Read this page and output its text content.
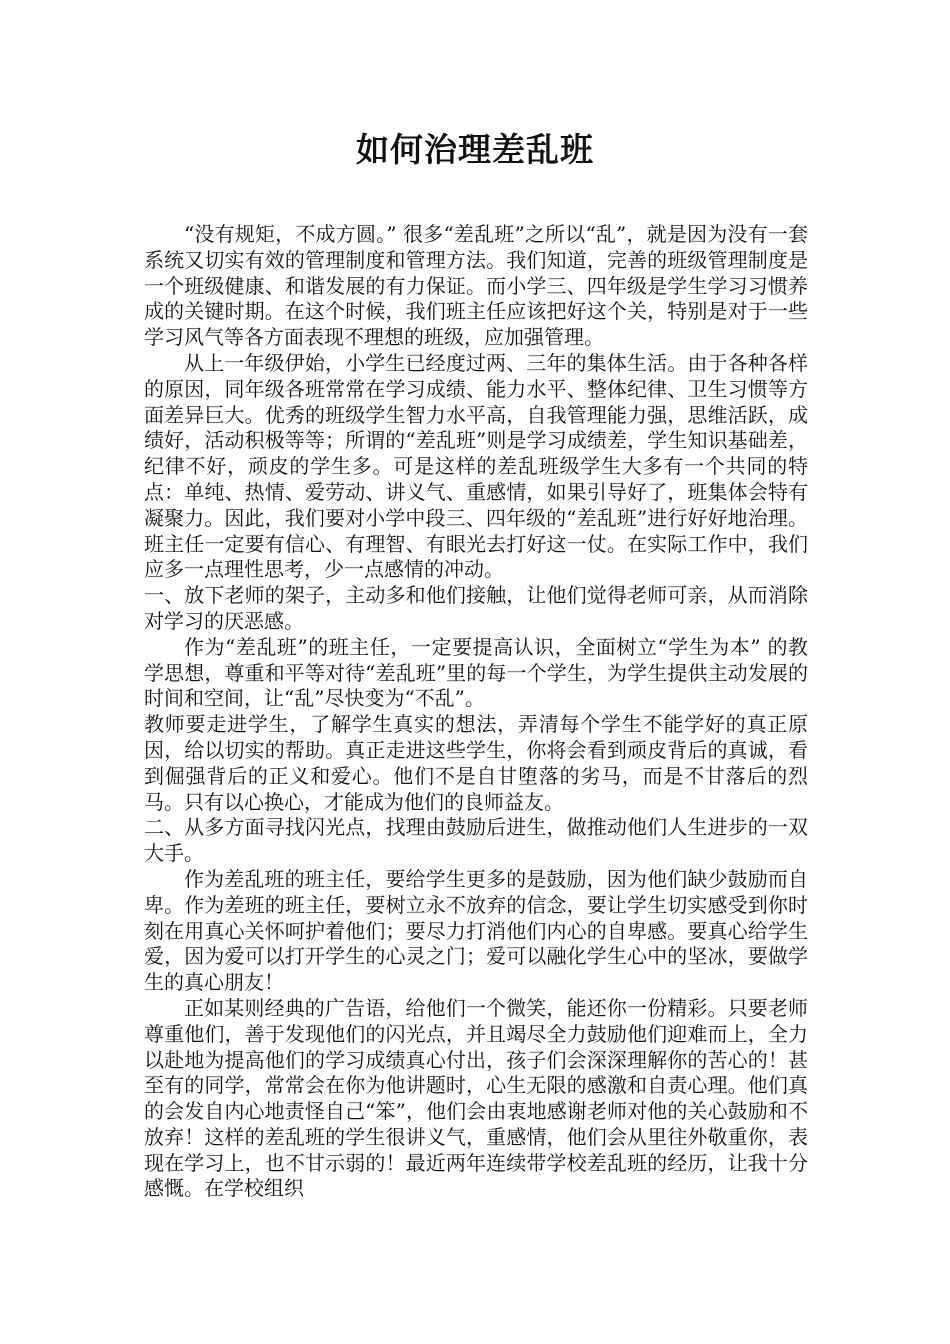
如何治理差乱班

“没有规矩，不成方圆。” 很多“差乱班”之所以“乱”，就是因为没有一套系统又切实有效的管理制度和管理方法。我们知道，完善的班级管理制度是一个班级健康、和谐发展的有力保证。而小学三、四年级是学生学习习惯养成的关键时期。在这个时候，我们班主任应该把好这个关，特别是对于一些学习风气等各方面表现不理想的班级，应加强管理。

从上一年级伊始，小学生已经度过两、三年的集体生活。由于各种各样的原因，同年级各班常常在学习成绩、能力水平、整体纪律、卫生习惯等方面差异巨大。优秀的班级学生智力水平高，自我管理能力强，思维活跃，成绩好，活动积极等等；所谓的“差乱班”则是学习成绩差，学生知识基础差，纪律不好，顽皮的学生多。可是这样的差乱班级学生大多有一个共同的特点：单纯、热情、爱劳动、讲义气、重感情，如果引导好了，班集体会特有凝聚力。因此，我们要对小学中段三、四年级的“差乱班”进行好好地治理。班主任一定要有信心、有理智、有眼光去打好这一仗。在实际工作中，我们应多一点理性思考，少一点感情的冲动。

一、放下老师的架子，主动多和他们接触，让他们觉得老师可亲，从而消除对学习的厌恶感。

作为“差乱班”的班主任，一定要提高认识，全面树立“学生为本” 的教学思想，尊重和平等对待“差乱班”里的每一个学生，为学生提供主动发展的时间和空间，让“乱”尽快变为“不乱”。

教师要走进学生，了解学生真实的想法，弄清每个学生不能学好的真正原因，给以切实的帮助。真正走进这些学生，你将会看到顽皮背后的真诚，看到倔强背后的正义和爱心。他们不是自甘堕落的劣马，而是不甘落后的烈马。只有以心换心，才能成为他们的良师益友。

二、从多方面寻找闪光点，找理由鼓励后进生，做推动他们人生进步的一双大手。

作为差乱班的班主任，要给学生更多的是鼓励，因为他们缺少鼓励而自卑。作为差班的班主任，要树立永不放弃的信念，要让学生切实感受到你时刻在用真心关怀呵护着他们；要尽力打消他们内心的自卑感。要真心给学生爱，因为爱可以打开学生的心灵之门；爱可以融化学生心中的坚冰，要做学生的真心朋友！

正如某则经典的广告语，给他们一个微笑，能还你一份精彩。只要老师尊重他们，善于发现他们的闪光点，并且竭尽全力鼓励他们迎难而上，全力以赴地为提高他们的学习成绩真心付出，孩子们会深深理解你的苦心的！甚至有的同学，常常会在你为他讲题时，心生无限的感激和自责心理。他们真的会发自内心地责怪自己“笨”，他们会由衷地感谢老师对他的关心鼓励和不放弃！这样的差乱班的学生很讲义气，重感情，他们会从里往外敬重你，表现在学习上，也不甘示弱的！最近两年连续带学校差乱班的经历，让我十分感慨。在学校组织
